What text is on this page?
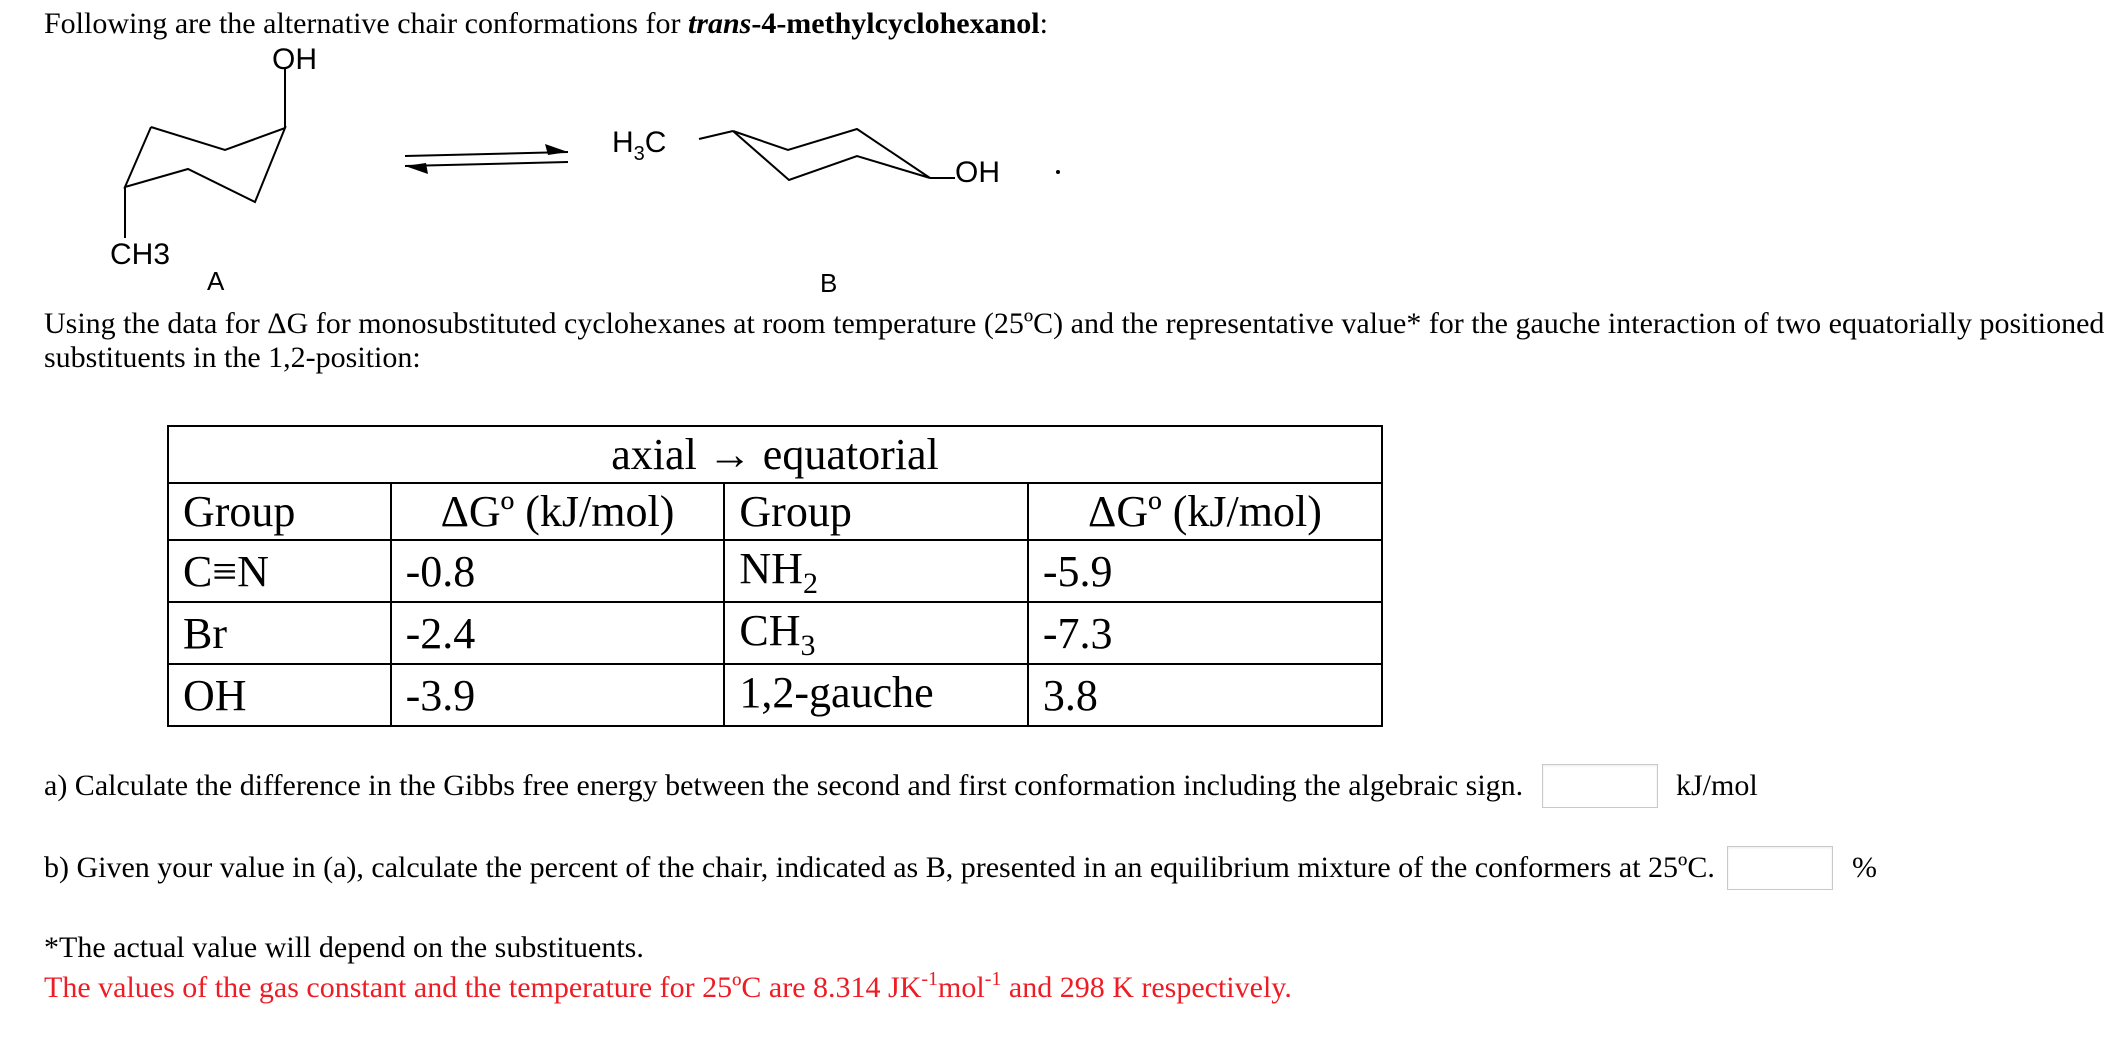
Following are the alternative chair conformations for trans-4-methylcyclohexanol:
OH
CH3
A
$H_3C$
OH
B
Using the data for ΔG for monosubstituted cyclohexanes at room temperature (25ºC) and the representative value* for the gauche interaction of two equatorially positioned
substituents in the 1,2-position:
axial → equatorial			
Group	ΔGº (kJ/mol)	Group	ΔGº (kJ/mol)
C≡N	-0.8	$NH_2$	-5.9
Br	-2.4	$CH_3$	-7.3
OH	-3.9	1,2-gauche	3.8
a) Calculate the difference in the Gibbs free energy between the second and first conformation including the algebraic sign.	kJ/mol
b) Given your value in (a), calculate the percent of the chair, indicated as B, presented in an equilibrium mixture of the conformers at 25ºC.	%
*The actual value will depend on the substituents.
The values of the gas constant and the temperature for 25ºC are 8.314 $JK^{-1}mol^{-1}$ and 298 K respectively.
